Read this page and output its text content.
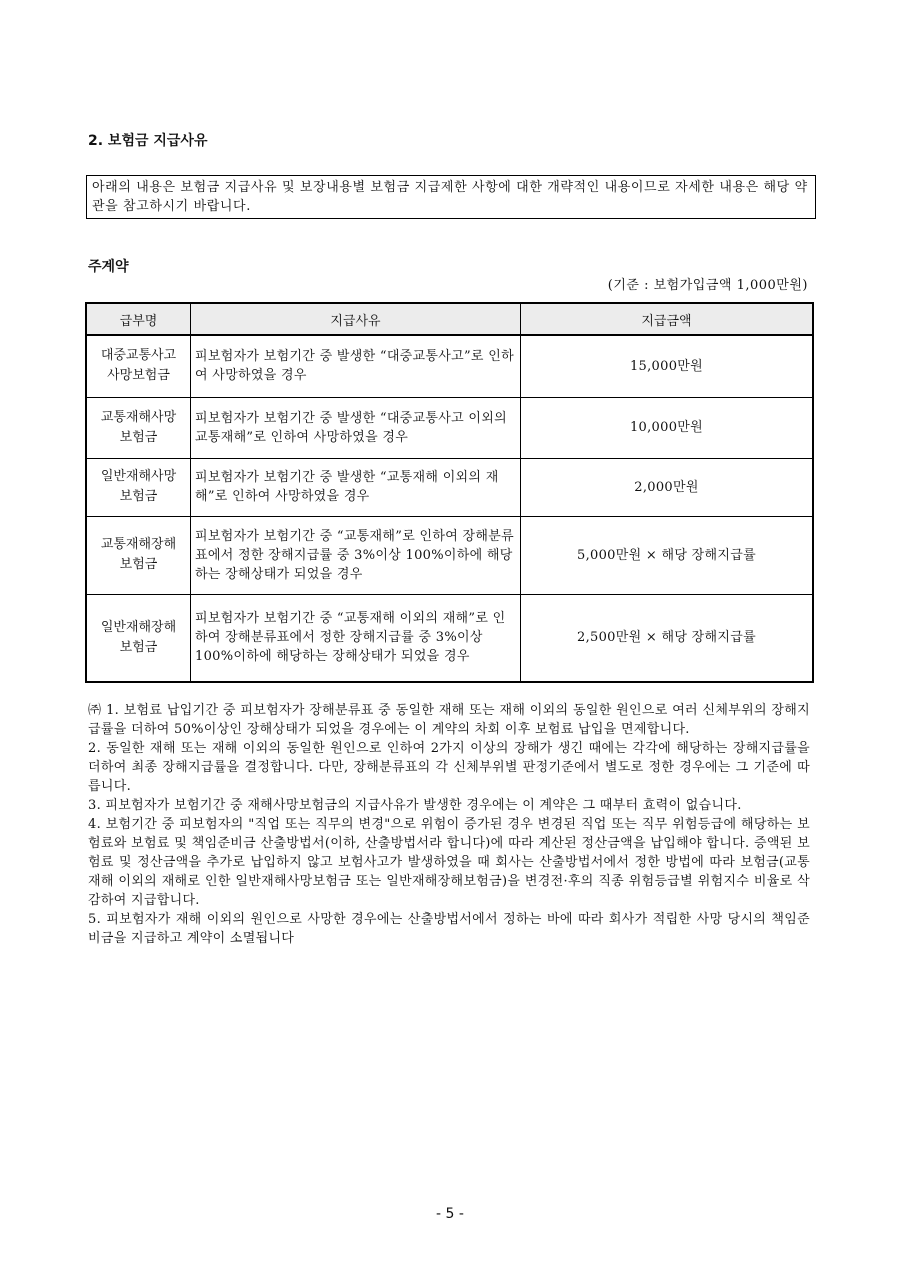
2. 보험금 지급사유
아래의 내용은 보험금 지급사유 및 보장내용별 보험금 지급제한 사항에 대한 개략적인 내용이므로 자세한 내용은 해당 약관을 참고하시기 바랍니다.
주계약
(기준 : 보험가입금액 1,000만원)
급부명	지급사유	지급금액

대중교통사고
사망보험금	피보험자가 보험기간 중 발생한 “대중교통사고”로 인하여 사망하였을 경우	15,000만원

교통재해사망
보험금	피보험자가 보험기간 중 발생한 “대중교통사고 이외의 교통재해”로 인하여 사망하였을 경우	10,000만원

일반재해사망
보험금	피보험자가 보험기간 중 발생한 “교통재해 이외의 재해”로 인하여 사망하였을 경우	2,000만원

교통재해장해
보험금	피보험자가 보험기간 중 “교통재해”로 인하여 장해분류표에서 정한 장해지급률 중 3%이상 100%이하에 해당하는 장해상태가 되었을 경우	5,000만원 × 해당 장해지급률

일반재해장해
보험금	피보험자가 보험기간 중 “교통재해 이외의 재해”로 인하여 장해분류표에서 정한 장해지급률 중 3%이상 100%이하에 해당하는 장해상태가 되었을 경우	2,500만원 × 해당 장해지급률

㈜ 1. 보험료 납입기간 중 피보험자가 장해분류표 중 동일한 재해 또는 재해 이외의 동일한 원인으로 여러 신체부위의 장해지급률을 더하여 50%이상인 장해상태가 되었을 경우에는 이 계약의 차회 이후 보험료 납입을 면제합니다.

2. 동일한 재해 또는 재해 이외의 동일한 원인으로 인하여 2가지 이상의 장해가 생긴 때에는 각각에 해당하는 장해지급률을 더하여 최종 장해지급률을 결정합니다. 다만, 장해분류표의 각 신체부위별 판정기준에서 별도로 정한 경우에는 그 기준에 따릅니다.

3. 피보험자가 보험기간 중 재해사망보험금의 지급사유가 발생한 경우에는 이 계약은 그 때부터 효력이 없습니다.

4. 보험기간 중 피보험자의 "직업 또는 직무의 변경"으로 위험이 증가된 경우 변경된 직업 또는 직무 위험등급에 해당하는 보험료와 보험료 및 책임준비금 산출방법서(이하, 산출방법서라 합니다)에 따라 계산된 정산금액을 납입해야 합니다. 증액된 보험료 및 정산금액을 추가로 납입하지 않고 보험사고가 발생하였을 때 회사는 산출방법서에서 정한 방법에 따라 보험금(교통재해 이외의 재해로 인한 일반재해사망보험금 또는 일반재해장해보험금)을 변경전·후의 직종 위험등급별 위험지수 비율로 삭감하여 지급합니다.

5. 피보험자가 재해 이외의 원인으로 사망한 경우에는 산출방법서에서 정하는 바에 따라 회사가 적립한 사망 당시의 책임준비금을 지급하고 계약이 소멸됩니다

- 5 -
